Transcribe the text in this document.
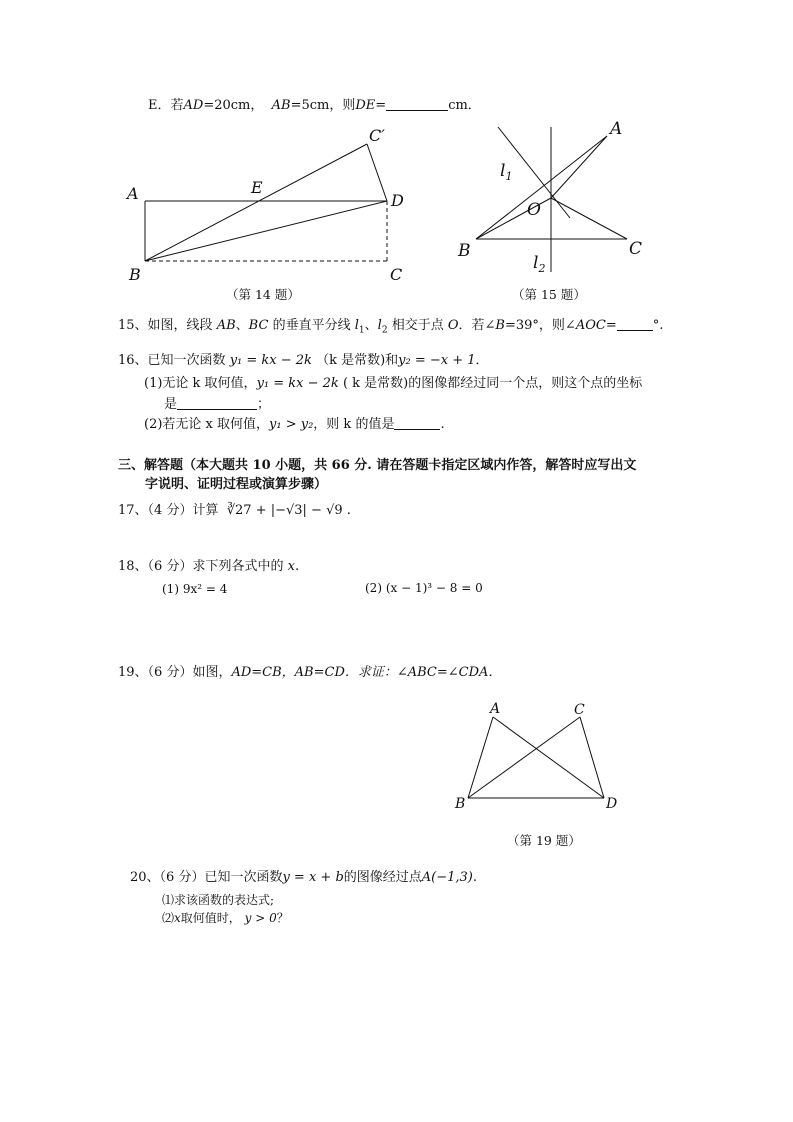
E．若AD=20cm， AB=5cm，则DE=	cm．
A	E
C′
D
B	C
A
$l_1$
O
B	C
$l_2$
A	C
B	D
（第 14 题）	（第 15 题）
15、如图，线段 AB、BC 的垂直平分线 $l_1$、$l_2$ 相交于点 O．若∠B=39°，则∠AOC=	°.
16、已知一次函数 y₁ = kx − 2k （k 是常数)和y₂ = −x + 1．
(1)无论 k 取何值，y₁ = kx − 2k ( k 是常数)的图像都经过同一个点，则这个点的坐标
是	；
(2)若无论 x 取何值，y₁ > y₂，则 k 的值是	.
三、解答题（本大题共 10 小题，共 66 分. 请在答题卡指定区域内作答，解答时应写出文
字说明、证明过程或演算步骤）
17、（4 分）计算 ∛27 + |−√3| − √9 .
18、（6 分）求下列各式中的 x.
(1) 9x² = 4	(2) (x − 1)³ − 8 = 0
19、（6 分）如图，AD=CB，AB=CD．求证：∠ABC=∠CDA．
（第 19 题）
20、（6 分）已知一次函数y = x + b的图像经过点A(−1,3).
⑴求该函数的表达式;
⑵x取何值时， y > 0？
